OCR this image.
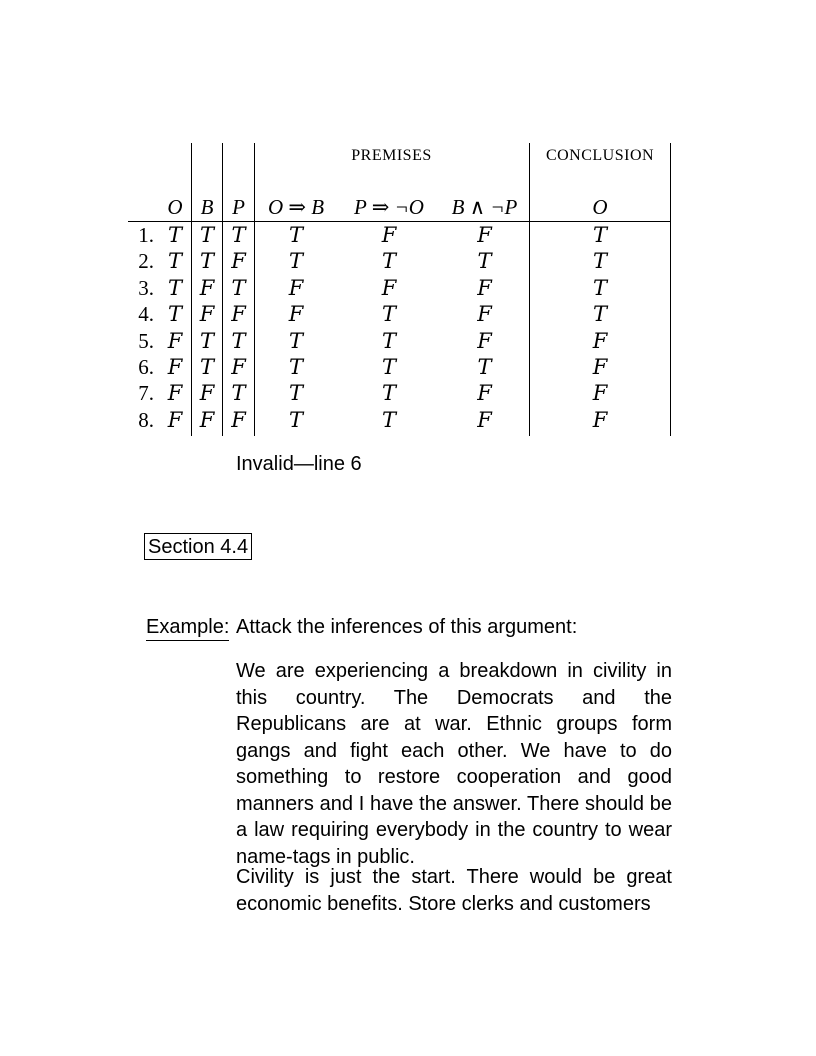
PREMISES	CONCLUSION
O B P	O ⇒ B	P ⇒ ¬O	B ∧ ¬P	O
1. T T T	T	F	F	T
2. T T F	T	T	T	T
3. T F T	F	F	F	T
4. T F F	F	T	F	T
5. F T T	T	T	F	F
6. F T F	T	T	T	F
7. F F T	T	T	F	F
8. F F F	T	T	F	F
Invalid—line 6
Section 4.4
Example: Attack the inferences of this argument:
We are experiencing a breakdown in civility in this country. The Democrats and the Republicans are at war. Ethnic groups form gangs and fight each other. We have to do something to restore cooperation and good manners and I have the answer. There should be a law requiring everybody in the country to wear name-tags in public.
Civility is just the start. There would be great economic benefits. Store clerks and customers
